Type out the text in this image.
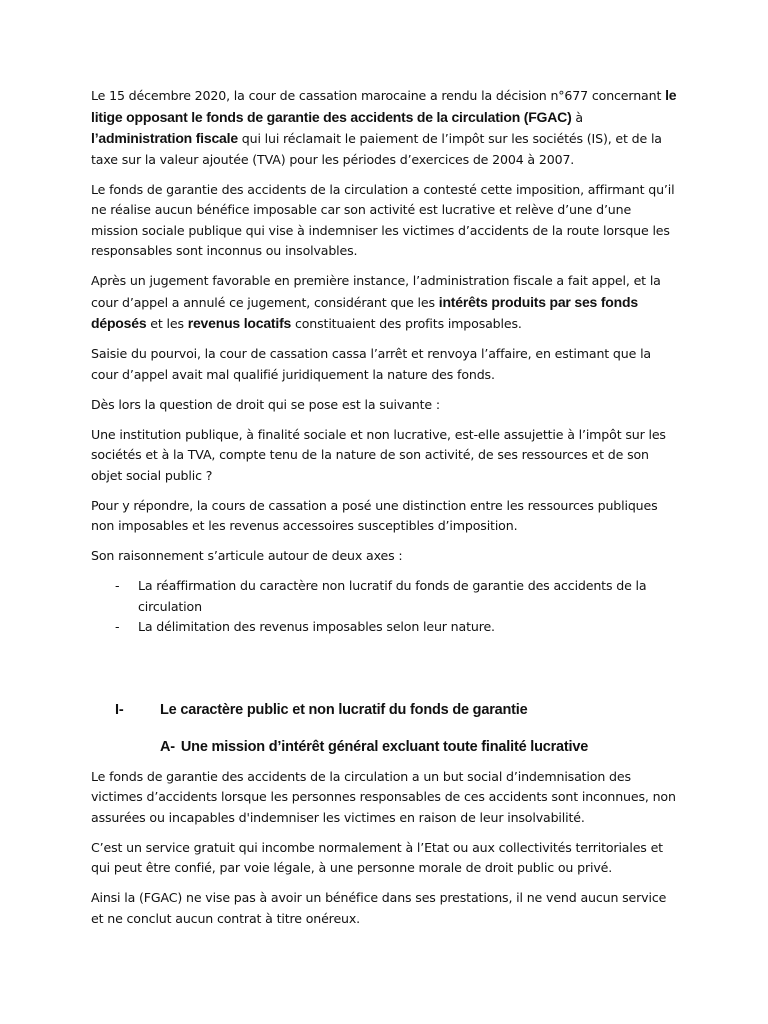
Le 15 décembre 2020, la cour de cassation marocaine a rendu la décision n°677 concernant le litige opposant le fonds de garantie des accidents de la circulation (FGAC) à l’administration fiscale qui lui réclamait le paiement de l’impôt sur les sociétés (IS), et de la taxe sur la valeur ajoutée (TVA) pour les périodes d’exercices de 2004 à 2007.

Le fonds de garantie des accidents de la circulation a contesté cette imposition, affirmant qu’il ne réalise aucun bénéfice imposable car son activité est lucrative et relève d’une d’une mission sociale publique qui vise à indemniser les victimes d’accidents de la route lorsque les responsables sont inconnus ou insolvables.

Après un jugement favorable en première instance, l’administration fiscale a fait appel, et la cour d’appel a annulé ce jugement, considérant que les intérêts produits par ses fonds déposés et les revenus locatifs constituaient des profits imposables.

Saisie du pourvoi, la cour de cassation cassa l’arrêt et renvoya l’affaire, en estimant que la cour d’appel avait mal qualifié juridiquement la nature des fonds.

Dès lors la question de droit qui se pose est la suivante :

Une institution publique, à finalité sociale et non lucrative, est-elle assujettie à l’impôt sur les sociétés et à la TVA, compte tenu de la nature de son activité, de ses ressources et de son objet social public ?

Pour y répondre, la cours de cassation a posé une distinction entre les ressources publiques non imposables et les revenus accessoires susceptibles d’imposition.

Son raisonnement s’articule autour de deux axes :

- La réaffirmation du caractère non lucratif du fonds de garantie des accidents de la circulation
- La délimitation des revenus imposables selon leur nature.
I-	Le caractère public et non lucratif du fonds de garantie
A- Une mission d’intérêt général excluant toute finalité lucrative

Le fonds de garantie des accidents de la circulation a un but social d’indemnisation des victimes d’accidents lorsque les personnes responsables de ces accidents sont inconnues, non assurées ou incapables d'indemniser les victimes en raison de leur insolvabilité.

C’est un service gratuit qui incombe normalement à l’Etat ou aux collectivités territoriales et qui peut être confié, par voie légale, à une personne morale de droit public ou privé.

Ainsi la (FGAC) ne vise pas à avoir un bénéfice dans ses prestations, il ne vend aucun service et ne conclut aucun contrat à titre onéreux.
